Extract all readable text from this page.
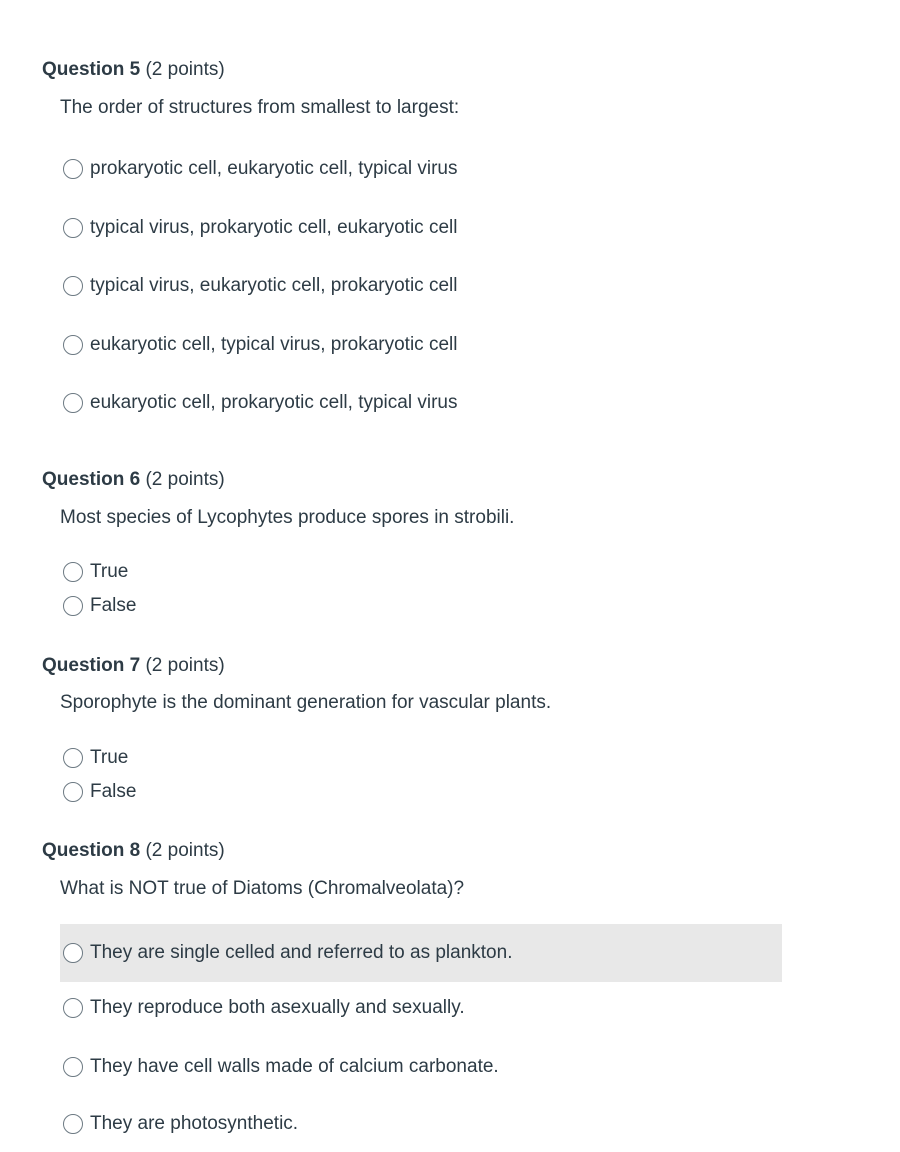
Question 5 (2 points)
The order of structures from smallest to largest:
prokaryotic cell, eukaryotic cell, typical virus
typical virus, prokaryotic cell, eukaryotic cell
typical virus, eukaryotic cell, prokaryotic cell
eukaryotic cell, typical virus, prokaryotic cell
eukaryotic cell, prokaryotic cell, typical virus
Question 6 (2 points)
Most species of Lycophytes produce spores in strobili.
True
False
Question 7 (2 points)
Sporophyte is the dominant generation for vascular plants.
True
False
Question 8 (2 points)
What is NOT true of Diatoms (Chromalveolata)?
They are single celled and referred to as plankton.
They reproduce both asexually and sexually.
They have cell walls made of calcium carbonate.
They are photosynthetic.
